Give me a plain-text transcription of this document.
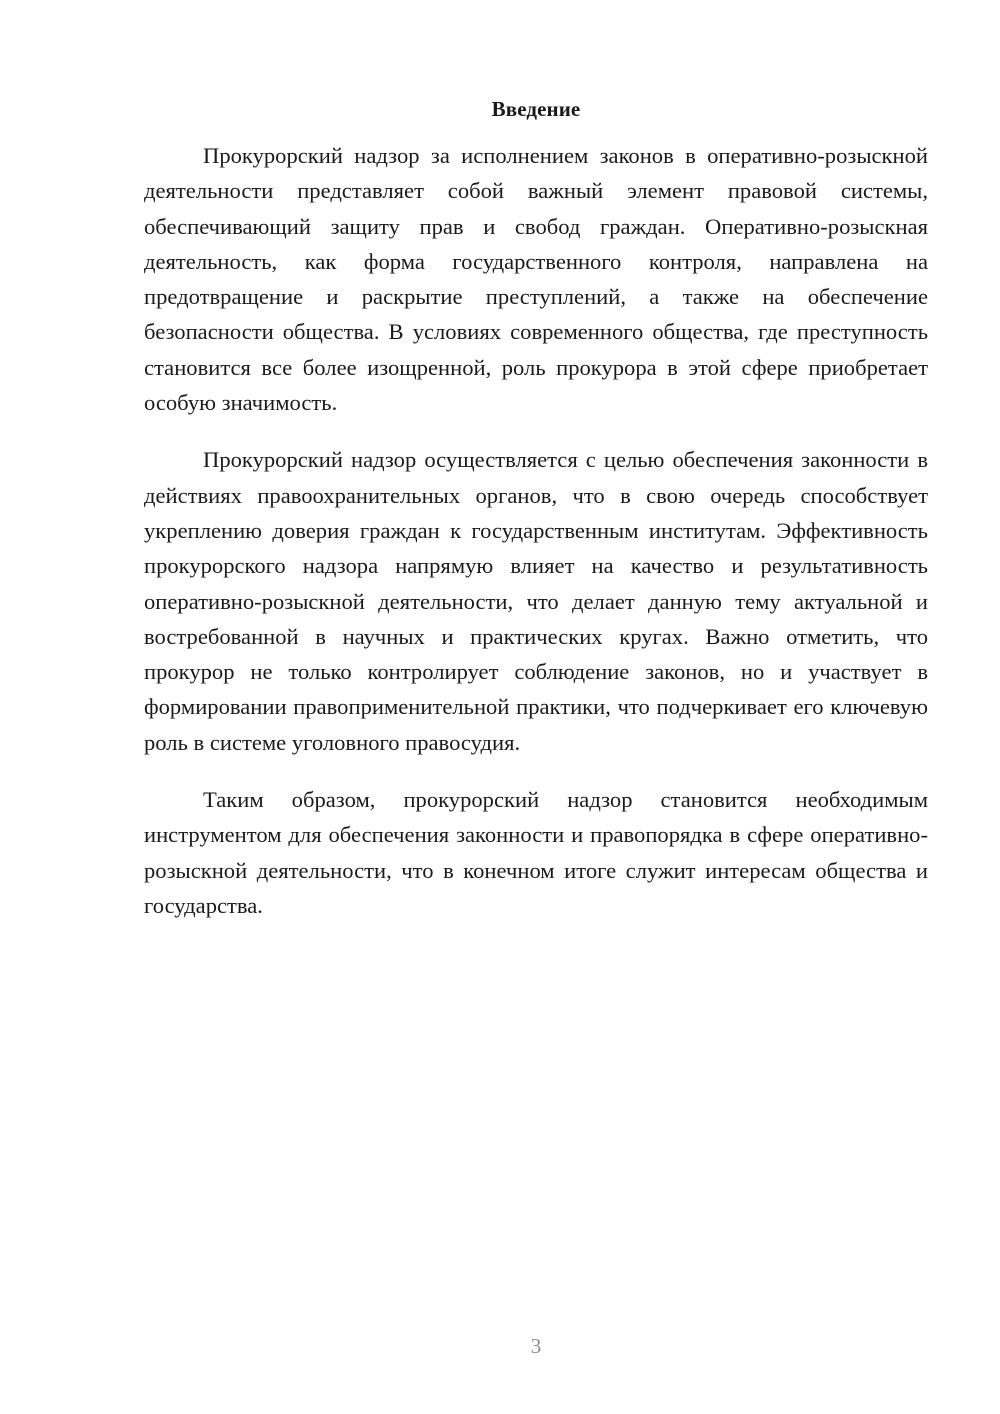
Введение

Прокурорский надзор за исполнением законов в оперативно-розыскной деятельности представляет собой важный элемент правовой системы, обеспечивающий защиту прав и свобод граждан. Оперативно-розыскная деятельность, как форма государственного контроля, направлена на предотвращение и раскрытие преступлений, а также на обеспечение безопасности общества. В условиях современного общества, где преступность становится все более изощренной, роль прокурора в этой сфере приобретает особую значимость.

Прокурорский надзор осуществляется с целью обеспечения законности в действиях правоохранительных органов, что в свою очередь способствует укреплению доверия граждан к государственным институтам. Эффективность прокурорского надзора напрямую влияет на качество и результативность оперативно-розыскной деятельности, что делает данную тему актуальной и востребованной в научных и практических кругах. Важно отметить, что прокурор не только контролирует соблюдение законов, но и участвует в формировании правоприменительной практики, что подчеркивает его ключевую роль в системе уголовного правосудия.

Таким образом, прокурорский надзор становится необходимым инструментом для обеспечения законности и правопорядка в сфере оперативно-розыскной деятельности, что в конечном итоге служит интересам общества и государства.

3
